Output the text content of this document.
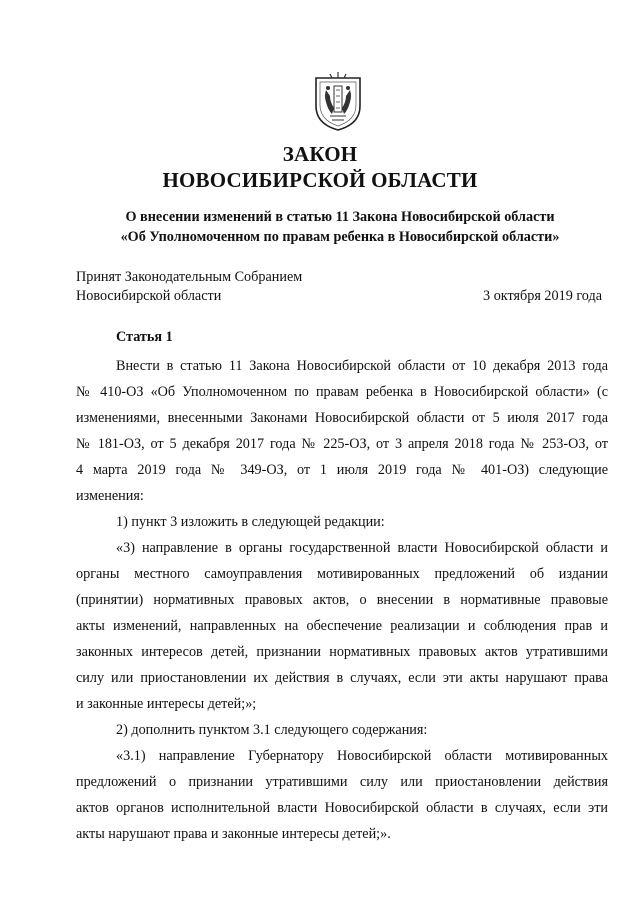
ЗАКОН
НОВОСИБИРСКОЙ ОБЛАСТИ
О внесении изменений в статью 11 Закона Новосибирской области
«Об Уполномоченном по правам ребенка в Новосибирской области»
Принят Законодательным Собранием
Новосибирской области	3 октября 2019 года
Статья 1
Внести в статью 11 Закона Новосибирской области от 10 декабря 2013 года
№ 410-ОЗ «Об Уполномоченном по правам ребенка в Новосибирской области» (с
изменениями, внесенными Законами Новосибирской области от 5 июля 2017 года
№ 181-ОЗ, от 5 декабря 2017 года № 225-ОЗ, от 3 апреля 2018 года № 253-ОЗ, от
4 марта 2019 года № 349-ОЗ, от 1 июля 2019 года № 401-ОЗ) следующие
изменения:
1) пункт 3 изложить в следующей редакции:
«3) направление в органы государственной власти Новосибирской области и
органы местного самоуправления мотивированных предложений об издании
(принятии) нормативных правовых актов, о внесении в нормативные правовые
акты изменений, направленных на обеспечение реализации и соблюдения прав и
законных интересов детей, признании нормативных правовых актов утратившими
силу или приостановлении их действия в случаях, если эти акты нарушают права
и законные интересы детей;»;
2) дополнить пунктом 3.1 следующего содержания:
«3.1) направление Губернатору Новосибирской области мотивированных
предложений о признании утратившими силу или приостановлении действия
актов органов исполнительной власти Новосибирской области в случаях, если эти
акты нарушают права и законные интересы детей;».
